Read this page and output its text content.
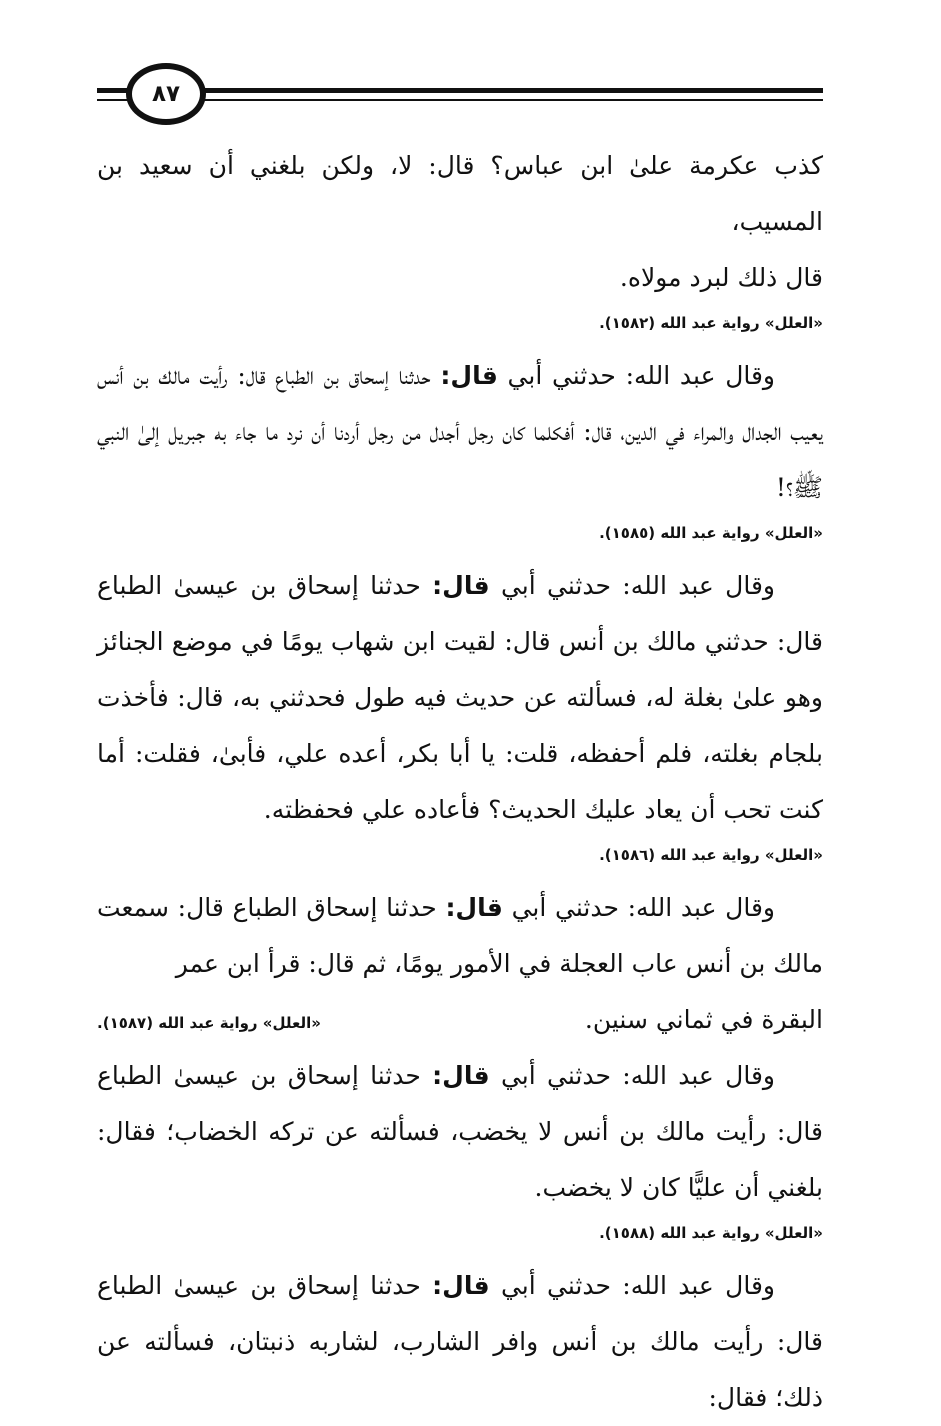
٨٧

كذب عكرمة علىٰ ابن عباس؟ قال: لا، ولكن بلغني أن سعيد بن المسيب،
قال ذلك لبرد مولاه.

«العلل» رواية عبد الله (١٥٨٢).

وقال عبد الله: حدثني أبي قال: حدثنا إسحاق بن الطباع قال: رأيت مالك بن أنس يعيب الجدال والمراء في الدين، قال: أفكلما كان رجل أجدل من رجل أردنا أن نرد ما جاء به جبريل إلىٰ النبي ﷺ؟!

«العلل» رواية عبد الله (١٥٨٥).

وقال عبد الله: حدثني أبي قال: حدثنا إسحاق بن عيسىٰ الطباع قال: حدثني مالك بن أنس قال: لقيت ابن شهاب يومًا في موضع الجنائز وهو علىٰ بغلة له، فسألته عن حديث فيه طول فحدثني به، قال: فأخذت بلجام بغلته، فلم أحفظه، قلت: يا أبا بكر، أعده علي، فأبىٰ، فقلت: أما كنت تحب أن يعاد عليك الحديث؟ فأعاده علي فحفظته.

«العلل» رواية عبد الله (١٥٨٦).

وقال عبد الله: حدثني أبي قال: حدثنا إسحاق الطباع قال: سمعت مالك بن أنس عاب العجلة في الأمور يومًا، ثم قال: قرأ ابن عمر

البقرة في ثماني سنين.
«العلل» رواية عبد الله (١٥٨٧).

وقال عبد الله: حدثني أبي قال: حدثنا إسحاق بن عيسىٰ الطباع قال: رأيت مالك بن أنس لا يخضب، فسألته عن تركه الخضاب؛ فقال: بلغني أن عليًّا كان لا يخضب.

«العلل» رواية عبد الله (١٥٨٨).

وقال عبد الله: حدثني أبي قال: حدثنا إسحاق بن عيسىٰ الطباع قال: رأيت مالك بن أنس وافر الشارب، لشاربه ذنبتان، فسألته عن ذلك؛ فقال:
